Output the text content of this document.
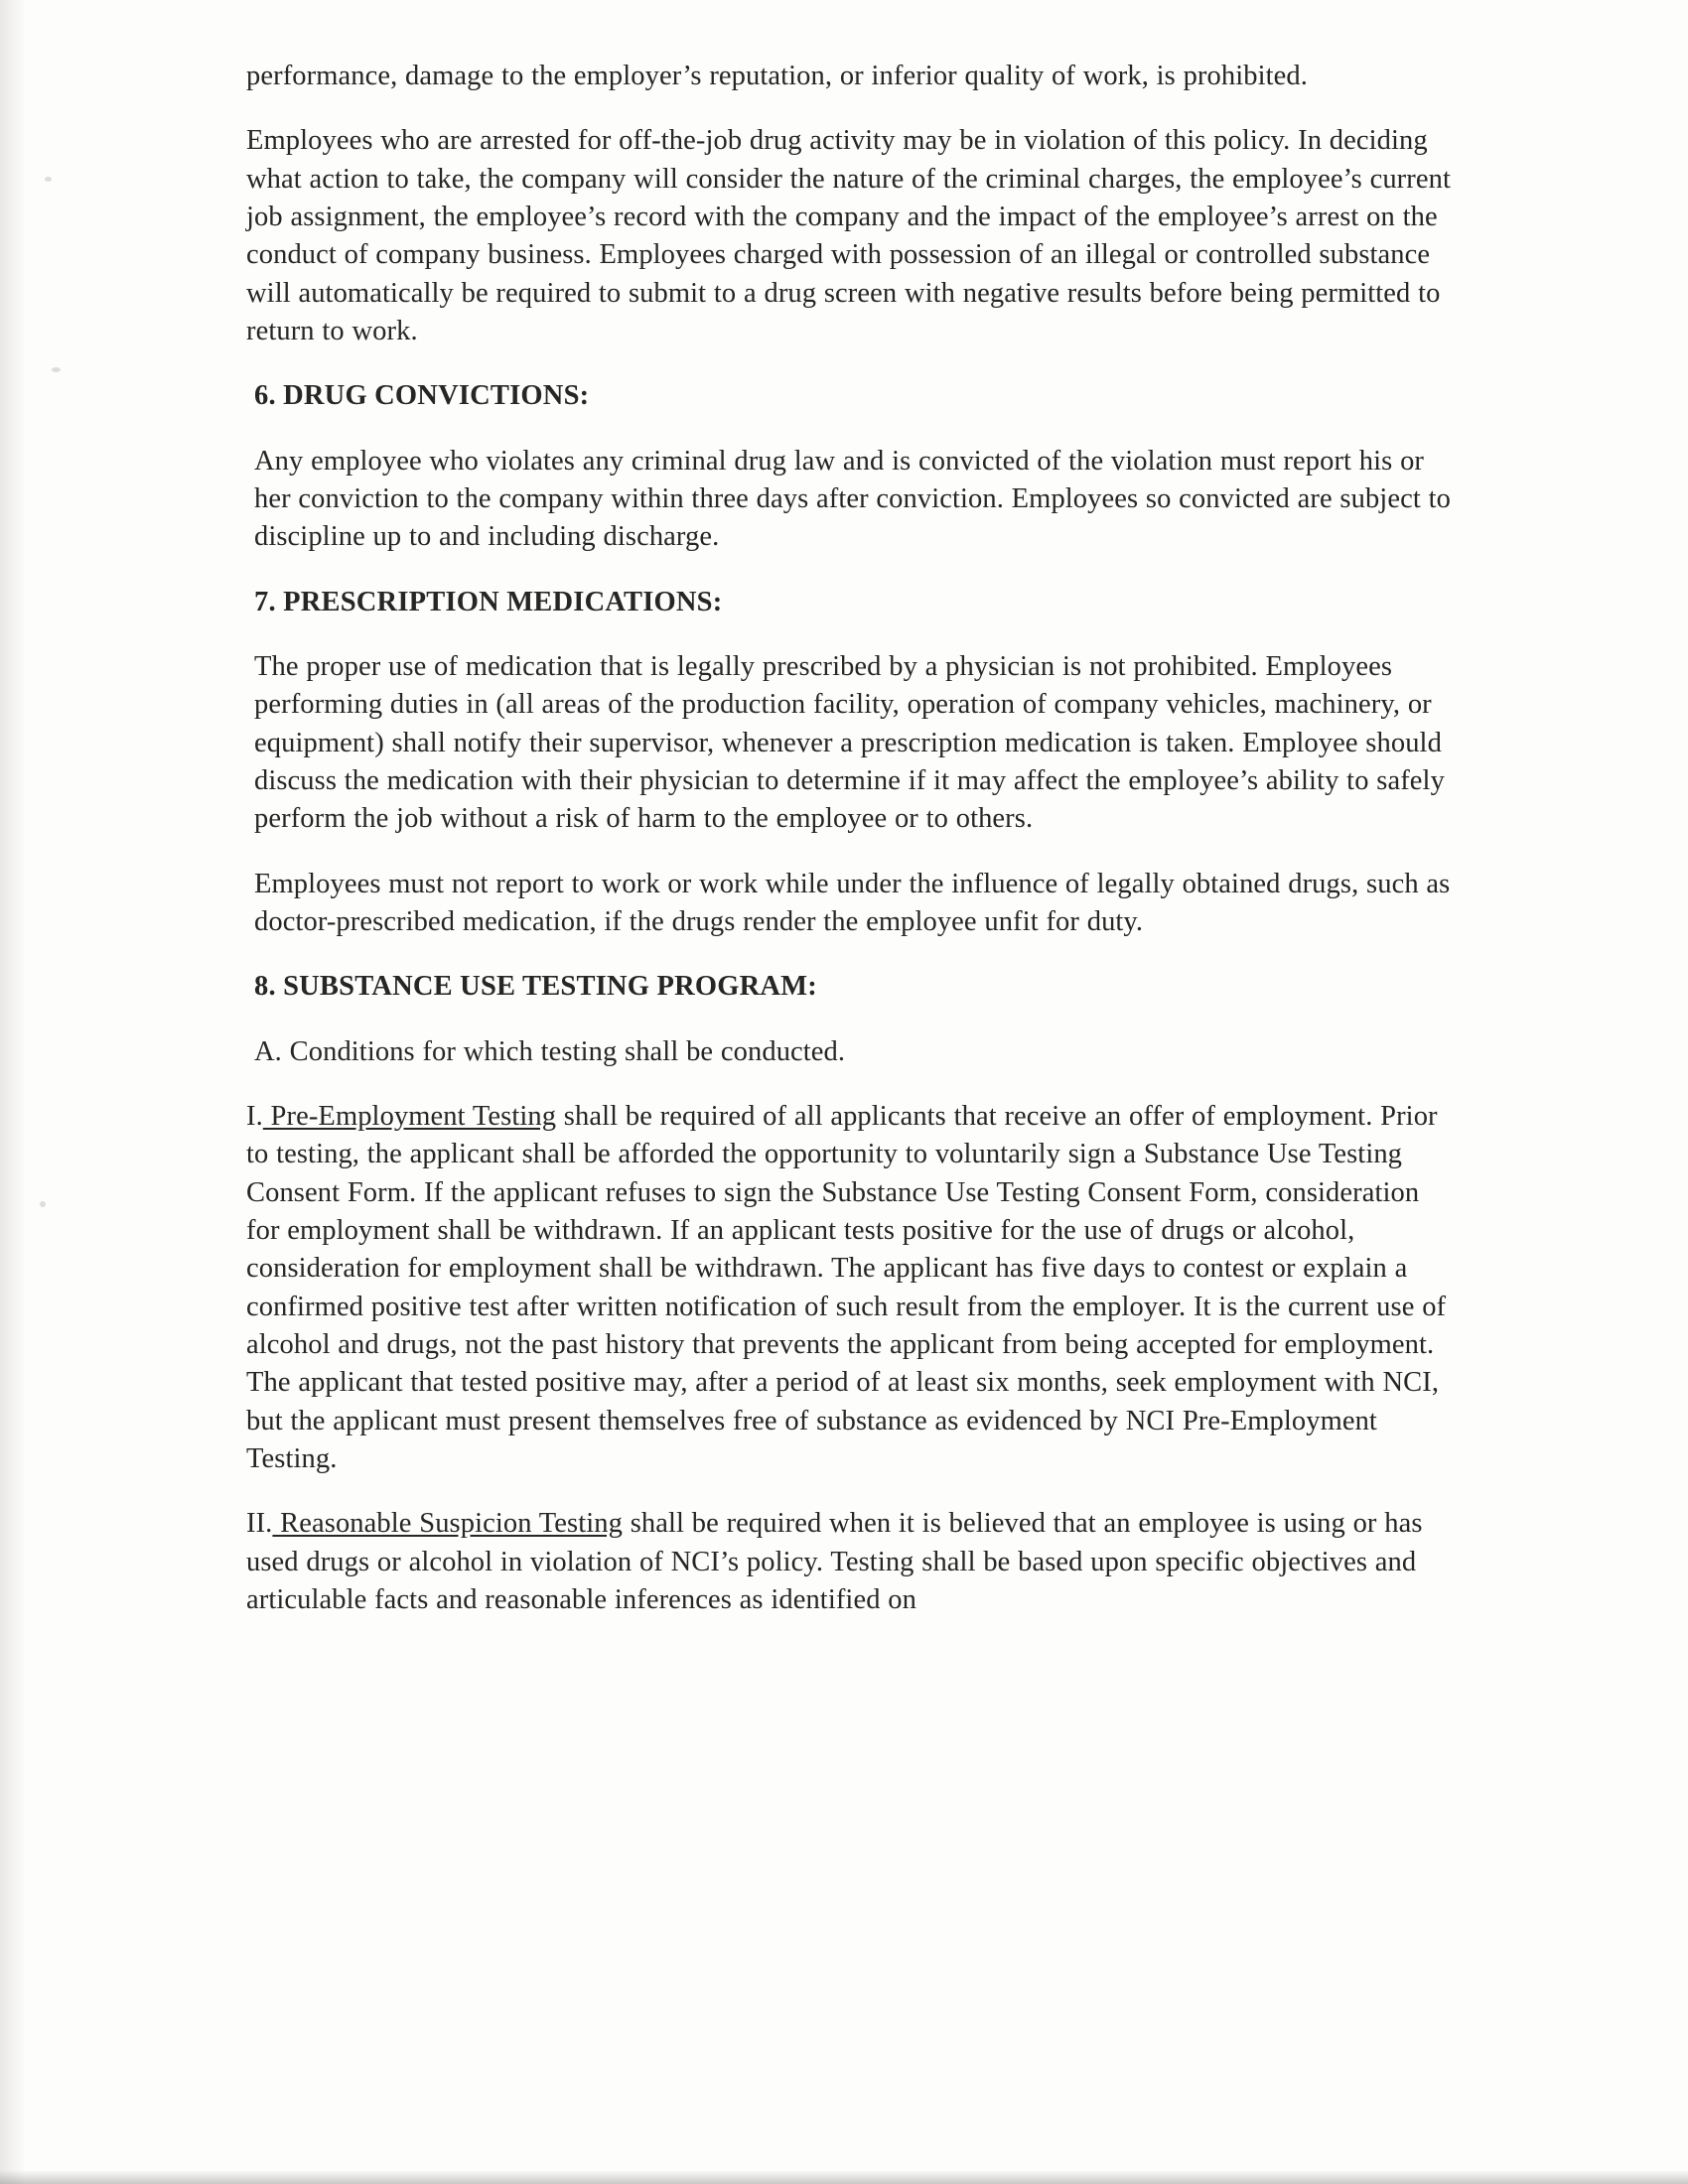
performance, damage to the employer’s reputation, or inferior quality of work, is prohibited.

Employees who are arrested for off-the-job drug activity may be in violation of this policy. In deciding what action to take, the company will consider the nature of the criminal charges, the employee’s current job assignment, the employee’s record with the company and the impact of the employee’s arrest on the conduct of company business. Employees charged with possession of an illegal or controlled substance will automatically be required to submit to a drug screen with negative results before being permitted to return to work.

6. DRUG CONVICTIONS:

Any employee who violates any criminal drug law and is convicted of the violation must report his or her conviction to the company within three days after conviction. Employees so convicted are subject to discipline up to and including discharge.

7. PRESCRIPTION MEDICATIONS:

The proper use of medication that is legally prescribed by a physician is not prohibited. Employees performing duties in (all areas of the production facility, operation of company vehicles, machinery, or equipment) shall notify their supervisor, whenever a prescription medication is taken. Employee should discuss the medication with their physician to determine if it may affect the employee’s ability to safely perform the job without a risk of harm to the employee or to others.

Employees must not report to work or work while under the influence of legally obtained drugs, such as doctor-prescribed medication, if the drugs render the employee unfit for duty.

8. SUBSTANCE USE TESTING PROGRAM:

A. Conditions for which testing shall be conducted.

I. Pre-Employment Testing shall be required of all applicants that receive an offer of employment. Prior to testing, the applicant shall be afforded the opportunity to voluntarily sign a Substance Use Testing Consent Form. If the applicant refuses to sign the Substance Use Testing Consent Form, consideration for employment shall be withdrawn. If an applicant tests positive for the use of drugs or alcohol, consideration for employment shall be withdrawn. The applicant has five days to contest or explain a confirmed positive test after written notification of such result from the employer. It is the current use of alcohol and drugs, not the past history that prevents the applicant from being accepted for employment. The applicant that tested positive may, after a period of at least six months, seek employment with NCI, but the applicant must present themselves free of substance as evidenced by NCI Pre-Employment Testing.

II. Reasonable Suspicion Testing shall be required when it is believed that an employee is using or has used drugs or alcohol in violation of NCI’s policy. Testing shall be based upon specific objectives and articulable facts and reasonable inferences as identified on
